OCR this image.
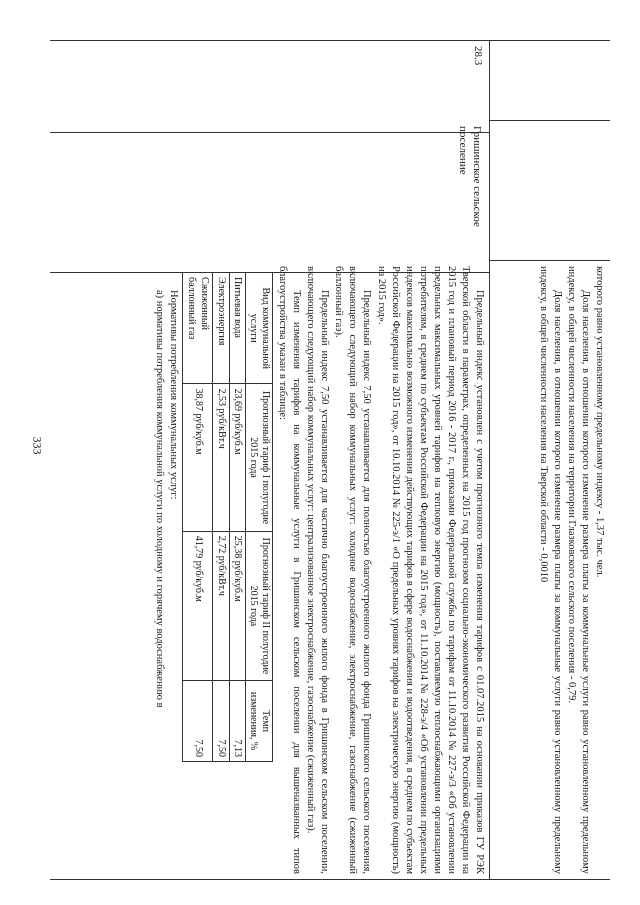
333	которого равно установленному предельному индексу - 1,37 тыс. чел.

Доля населения, в отношении которого изменение размера платы за коммунальные услуги равно установленному предельному индексу, в общей численности населения на территории Глазковского сельского поселения - 0,79.

Доля населения, в отношении которого изменение размера платы за коммунальные услуги равно установленному предельному индексу, в общей численности населения на Тверской области - 0,0010

28.3
Гришинское сельское поселение

Предельный индекс установлен с учетом прогнозного темпа изменения тарифов с 01.07.2015 на основании приказов ГУ РЭК Тверской области в параметрах, определенных на 2015 год прогнозом социально-экономического развития Российской Федерации на 2015 год и плановый период 2016 - 2017 г., приказами Федеральной службы по тарифам от 11.10.2014 № 227-э/3 «Об установлении предельных максимальных уровней тарифов на тепловую энергию (мощность), поставляемую теплоснабжающими организациями потребителям, в среднем по субъектам Российской Федерации на 2015 год», от 11.10.2014 № 228-э/4 «Об установлении предельных индексов максимально возможного изменения действующих тарифов в сфере водоснабжения и водоотведения, в среднем по субъектам Российской Федерации на 2015 год», от 10.10.2014 № 225-э/1 «О предельных уровнях тарифов на электрическую энергию (мощность) на 2015 год».

Предельный индекс 7,50 устанавливается для полностью благоустроенного жилого фонда Гришинского сельского поселения, включающего следующий набор коммунальных услуг: холодное водоснабжение, электроснабжение, газоснабжение (сжиженный баллонный газ).

Предельный индекс 7,50 устанавливается для частично благоустроенного жилого фонда в Гришинском сельском поселении, включающего следующий набор коммунальных услуг: централизованное электроснабжение, газоснабжение (сжиженный газ).

Темп изменения тарифов на коммунальные услуги в Гришинском сельском поселении для вышеназванных типов благоустройства указан в таблице:

Вид коммунальной услуги	Прогнозный тариф I полугодие 2015 года	Прогнозный тариф II полугодие 2015 года	Темп изменения, %
Питьевая вода	23,69 руб/куб.м	25,38 руб/куб.м	7,13
Электроэнергия	2,53 руб/кВт.ч	2,72 руб/кВт.ч	7,50
Сжиженный баллонный газ	38,87 руб/куб.м	41,79 руб/куб.м	7,50

Нормативы потребления коммунальных услуг:

а) нормативы потребления коммунальной услуги по холодному и горячему водоснабжению в
